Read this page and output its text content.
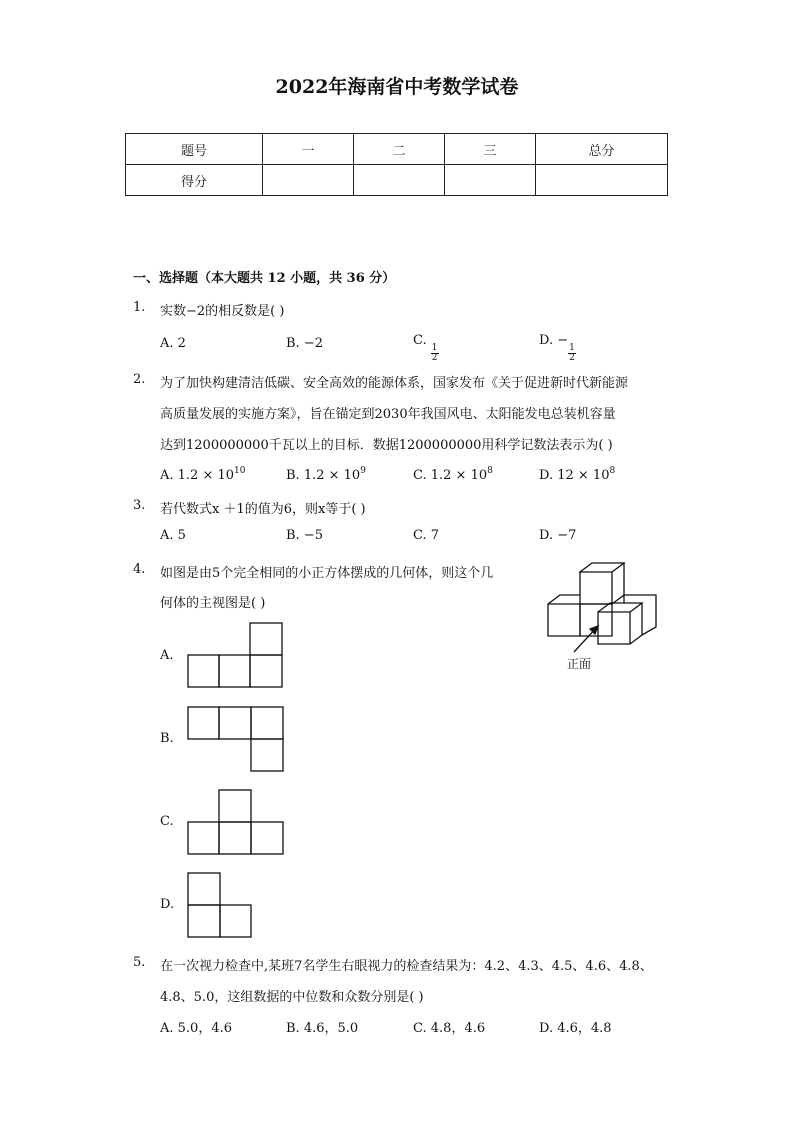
2022年海南省中考数学试卷
题号	一	二	三	总分
得分				
一、选择题（本大题共 12 小题，共 36 分）
1. 实数−2的相反数是( )
A. 2	B. −2	C.
$\frac{1}{2}$
D. −
$\frac{1}{2}$
2. 为了加快构建清洁低碳、安全高效的能源体系，国家发布《关于促进新时代新能源
高质量发展的实施方案》，旨在锚定到2030年我国风电、太阳能发电总装机容量
达到1200000000千瓦以上的目标．数据1200000000用科学记数法表示为( )
A. $1.2 \times 10^{10}$	B. $1.2 \times 10^9$	C. $1.2 \times 10^8$	D. $12 \times 10^8$
3. 若代数式x ＋1的值为6，则x等于( )
A. 5	B. −5	C. 7	D. −7
4. 如图是由5个完全相同的小正方体摆成的几何体，则这个几
何体的主视图是( )
正面
A.
B.
C.
D.
5. 在一次视力检查中,某班7名学生右眼视力的检查结果为：4.2、4.3、4.5、4.6、4.8、
4.8、5.0，这组数据的中位数和众数分别是( )
A. 5.0，4.6	B. 4.6，5.0	C. 4.8，4.6	D. 4.6，4.8
